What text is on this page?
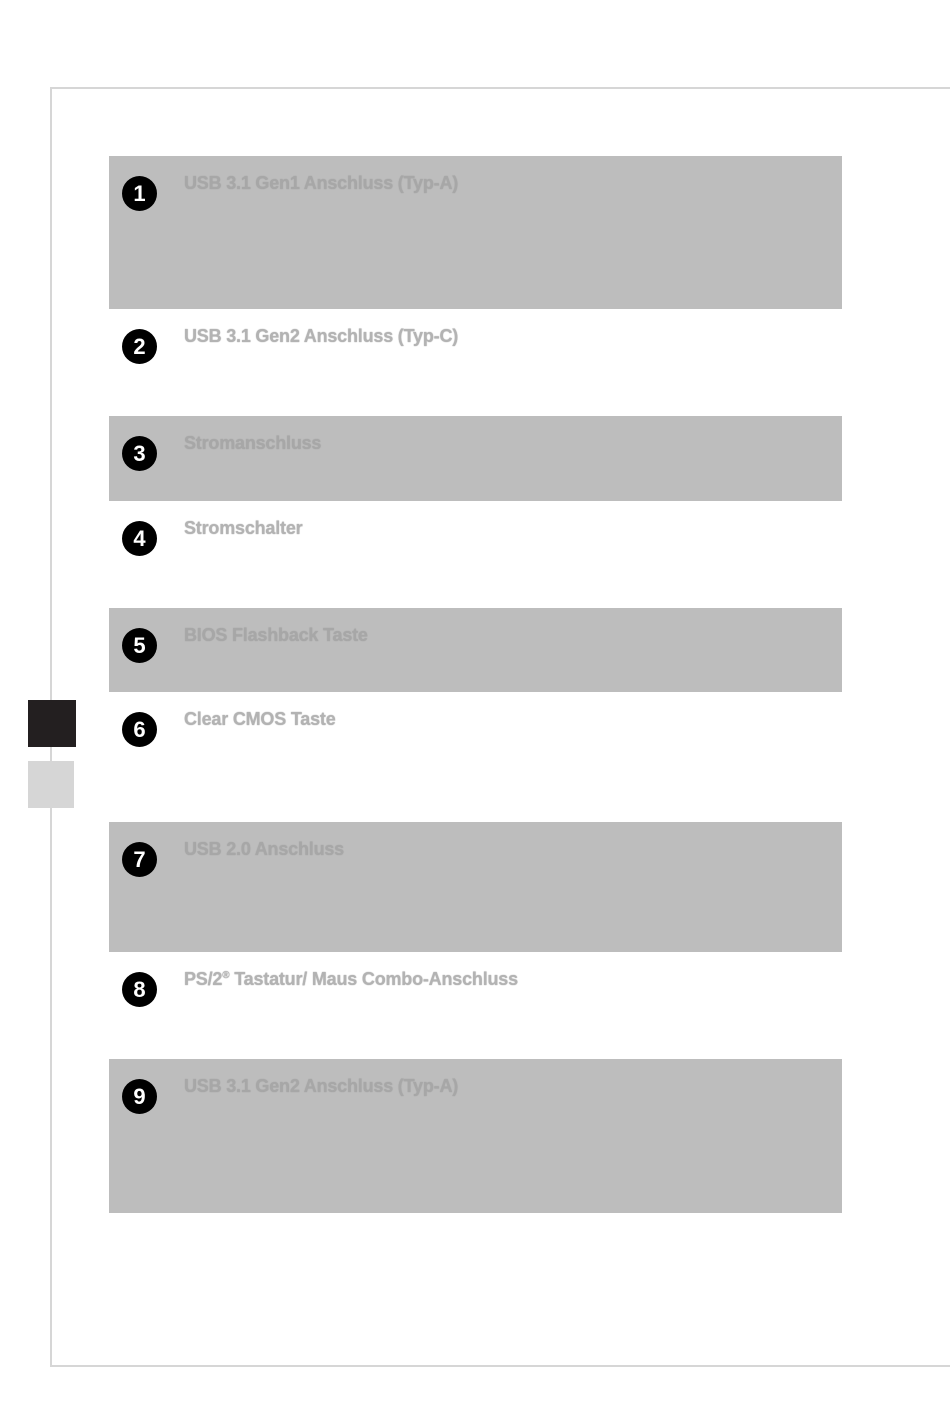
1	USB 3.1 Gen1 Anschluss (Typ-A)
2	USB 3.1 Gen2 Anschluss (Typ-C)
3	Stromanschluss
4	Stromschalter
5	BIOS Flashback Taste
6	Clear CMOS Taste
7	USB 2.0 Anschluss
8	PS/2® Tastatur/ Maus Combo-Anschluss
9	USB 3.1 Gen2 Anschluss (Typ-A)
